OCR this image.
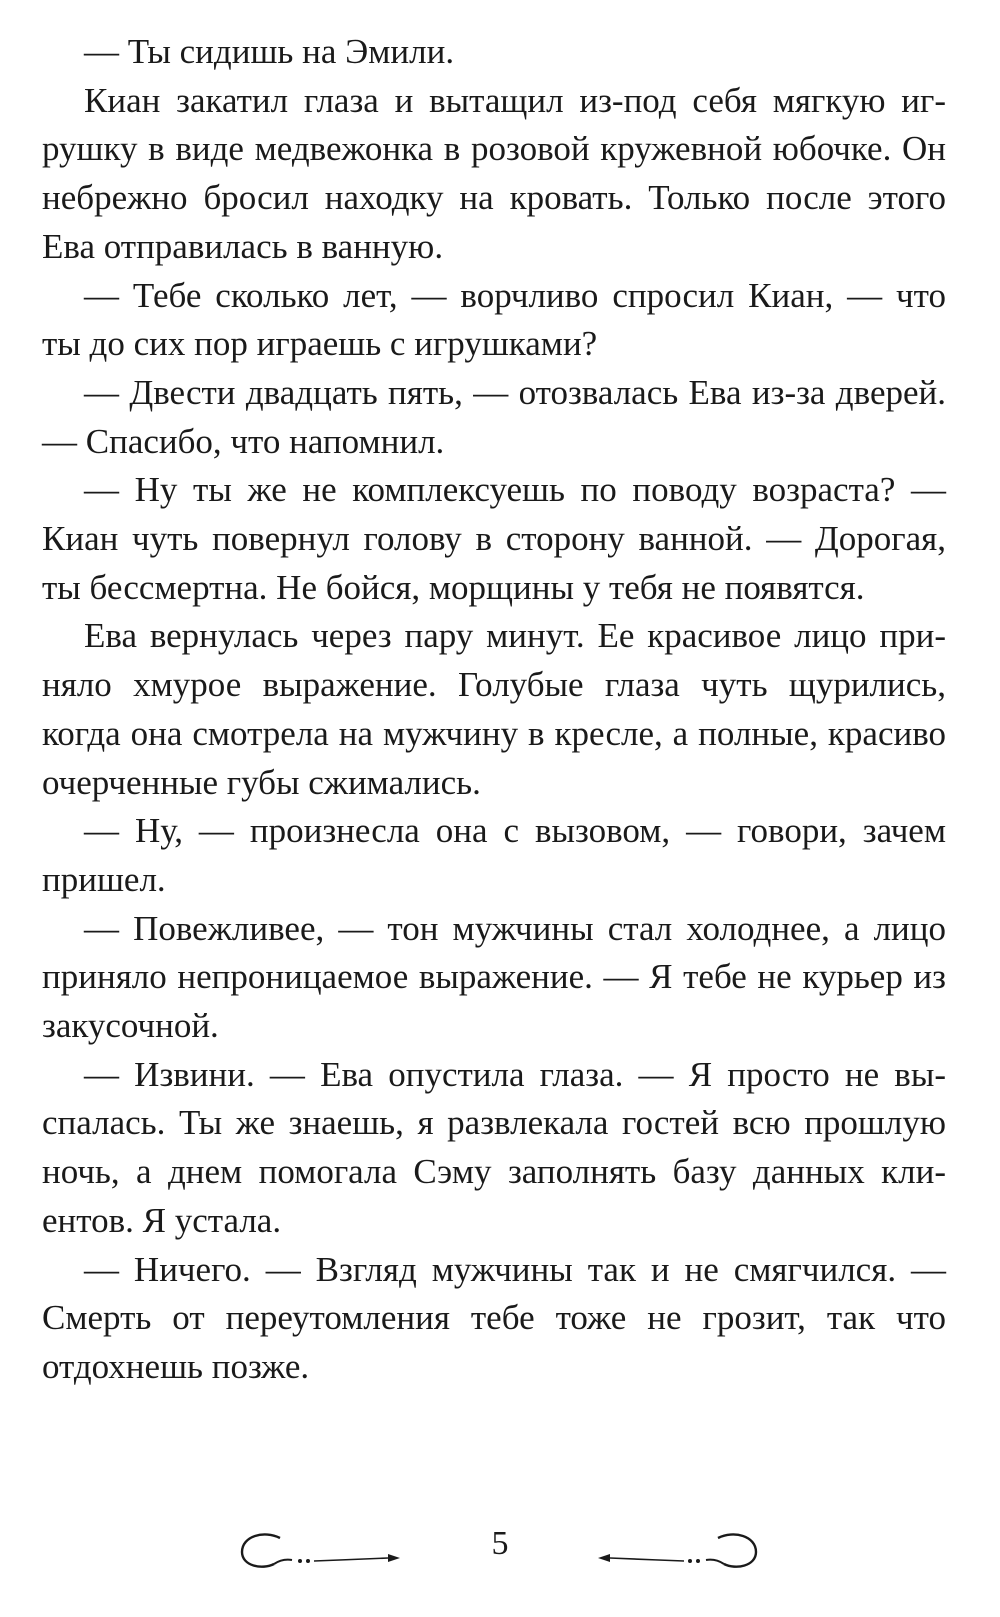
— Ты сидишь на Эмили.

Киан закатил глаза и вытащил из-под себя мягкую игрушку в виде медвежонка в розовой кружевной юбочке. Он небрежно бросил находку на кровать. Только после этого Ева отправилась в ванную.

— Тебе сколько лет, — ворчливо спросил Киан, — что ты до сих пор играешь с игрушками?

— Двести двадцать пять, — отозвалась Ева из-за дверей. — Спасибо, что напомнил.

— Ну ты же не комплексуешь по поводу возраста? — Киан чуть повернул голову в сторону ванной. — Дорогая, ты бессмертна. Не бойся, морщины у тебя не появятся.

Ева вернулась через пару минут. Ее красивое лицо приняло хмурое выражение. Голубые глаза чуть щурились, когда она смотрела на мужчину в кресле, а полные, красиво очерченные губы сжимались.

— Ну, — произнесла она с вызовом, — говори, зачем пришел.

— Повежливее, — тон мужчины стал холоднее, а лицо приняло непроницаемое выражение. — Я тебе не курьер из закусочной.

— Извини. — Ева опустила глаза. — Я просто не выспалась. Ты же знаешь, я развлекала гостей всю прошлую ночь, а днем помогала Сэму заполнять базу данных клиентов. Я устала.

— Ничего. — Взгляд мужчины так и не смягчился. — Смерть от переутомления тебе тоже не грозит, так что отдохнешь позже.

5
